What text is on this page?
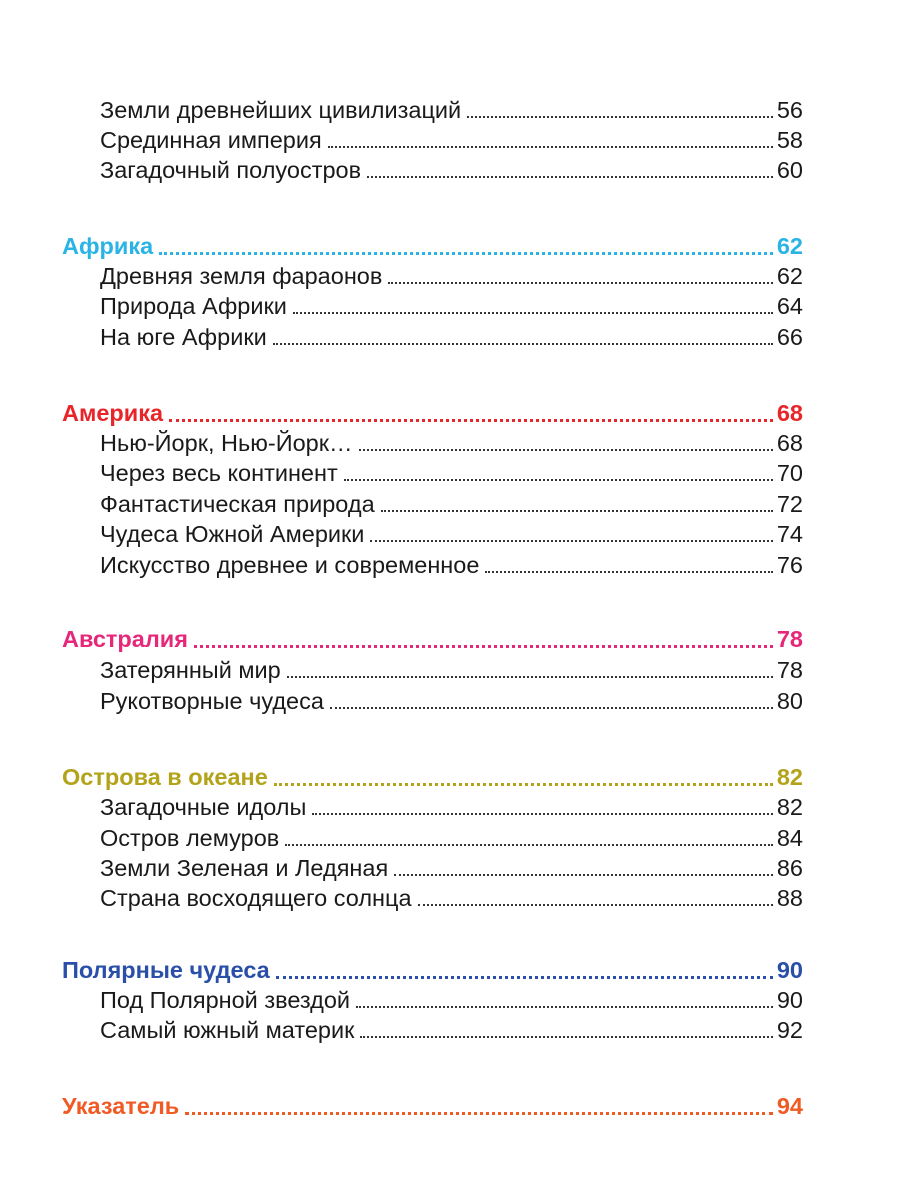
Земли древнейших цивилизаций	56
Срединная империя	58
Загадочный полуостров	60
Африка	62
Древняя земля фараонов	62
Природа Африки	64
На юге Африки	66
Америка	68
Нью-Йорк, Нью-Йорк…	68
Через весь континент	70
Фантастическая природа	72
Чудеса Южной Америки	74
Искусство древнее и современное	76
Австралия	78
Затерянный мир	78
Рукотворные чудеса	80
Острова в океане	82
Загадочные идолы	82
Остров лемуров	84
Земли Зеленая и Ледяная	86
Страна восходящего солнца	88
Полярные чудеса	90
Под Полярной звездой	90
Самый южный материк	92
Указатель	94
